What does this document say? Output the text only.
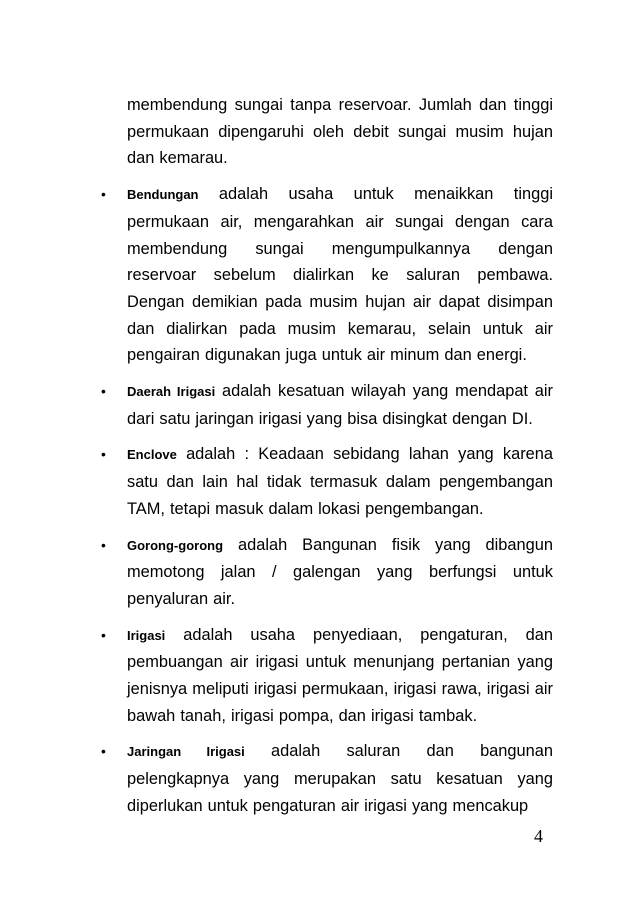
membendung sungai tanpa reservoar. Jumlah dan tinggi permukaan dipengaruhi oleh debit sungai musim hujan dan kemarau.

• Bendungan adalah usaha untuk menaikkan tinggi permukaan air, mengarahkan air sungai dengan cara membendung sungai mengumpulkannya dengan reservoar sebelum dialirkan ke saluran pembawa. Dengan demikian pada musim hujan air dapat disimpan dan dialirkan pada musim kemarau, selain untuk air pengairan digunakan juga untuk air minum dan energi.
• Daerah Irigasi adalah kesatuan wilayah yang mendapat air dari satu jaringan irigasi yang bisa disingkat dengan DI.
• Enclove adalah : Keadaan sebidang lahan yang karena satu dan lain hal tidak termasuk dalam pengembangan TAM, tetapi masuk dalam lokasi pengembangan.
• Gorong-gorong adalah Bangunan fisik yang dibangun memotong jalan / galengan yang berfungsi untuk penyaluran air.
• Irigasi adalah usaha penyediaan, pengaturan, dan pembuangan air irigasi untuk menunjang pertanian yang jenisnya meliputi irigasi permukaan, irigasi rawa, irigasi air bawah tanah, irigasi pompa, dan irigasi tambak.
• Jaringan Irigasi adalah saluran dan bangunan pelengkapnya yang merupakan satu kesatuan yang diperlukan untuk pengaturan air irigasi yang mencakup
4
